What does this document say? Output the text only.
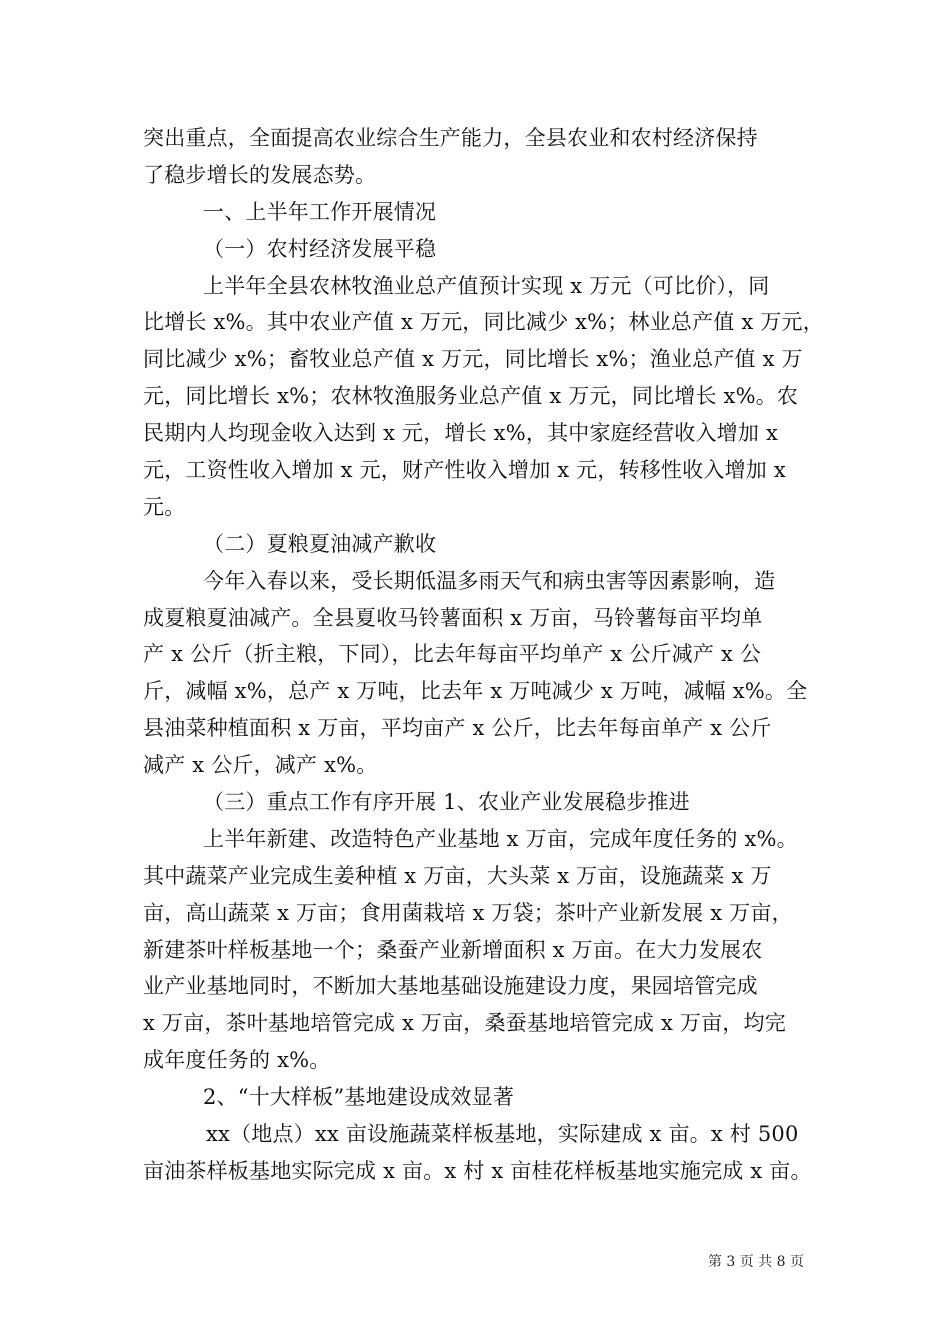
突出重点，全面提高农业综合生产能力，全县农业和农村经济保持
了稳步增长的发展态势。
一、上半年工作开展情况
（一）农村经济发展平稳
上半年全县农林牧渔业总产值预计实现 x 万元（可比价），同
比增长 x%。其中农业产值 x 万元，同比减少 x%；林业总产值 x 万元，
同比减少 x%；畜牧业总产值 x 万元，同比增长 x%；渔业总产值 x 万
元，同比增长 x%；农林牧渔服务业总产值 x 万元，同比增长 x%。农
民期内人均现金收入达到 x 元，增长 x%，其中家庭经营收入增加 x
元，工资性收入增加 x 元，财产性收入增加 x 元，转移性收入增加 x
元。
（二）夏粮夏油减产歉收
今年入春以来，受长期低温多雨天气和病虫害等因素影响，造
成夏粮夏油减产。全县夏收马铃薯面积 x 万亩，马铃薯每亩平均单
产 x 公斤（折主粮，下同），比去年每亩平均单产 x 公斤减产 x 公
斤，减幅 x%，总产 x 万吨，比去年 x 万吨减少 x 万吨，减幅 x%。全
县油菜种植面积 x 万亩，平均亩产 x 公斤，比去年每亩单产 x 公斤
减产 x 公斤，减产 x%。
（三）重点工作有序开展 1、农业产业发展稳步推进
上半年新建、改造特色产业基地 x 万亩，完成年度任务的 x%。
其中蔬菜产业完成生姜种植 x 万亩，大头菜 x 万亩，设施蔬菜 x 万
亩，高山蔬菜 x 万亩；食用菌栽培 x 万袋；茶叶产业新发展 x 万亩，
新建茶叶样板基地一个；桑蚕产业新增面积 x 万亩。在大力发展农
业产业基地同时，不断加大基地基础设施建设力度，果园培管完成
x 万亩，茶叶基地培管完成 x 万亩，桑蚕基地培管完成 x 万亩，均完
成年度任务的 x%。
2、“十大样板”基地建设成效显著
xx（地点）xx 亩设施蔬菜样板基地，实际建成 x 亩。x 村 500
亩油茶样板基地实际完成 x 亩。x 村 x 亩桂花样板基地实施完成 x 亩。
第 3 页 共 8 页
